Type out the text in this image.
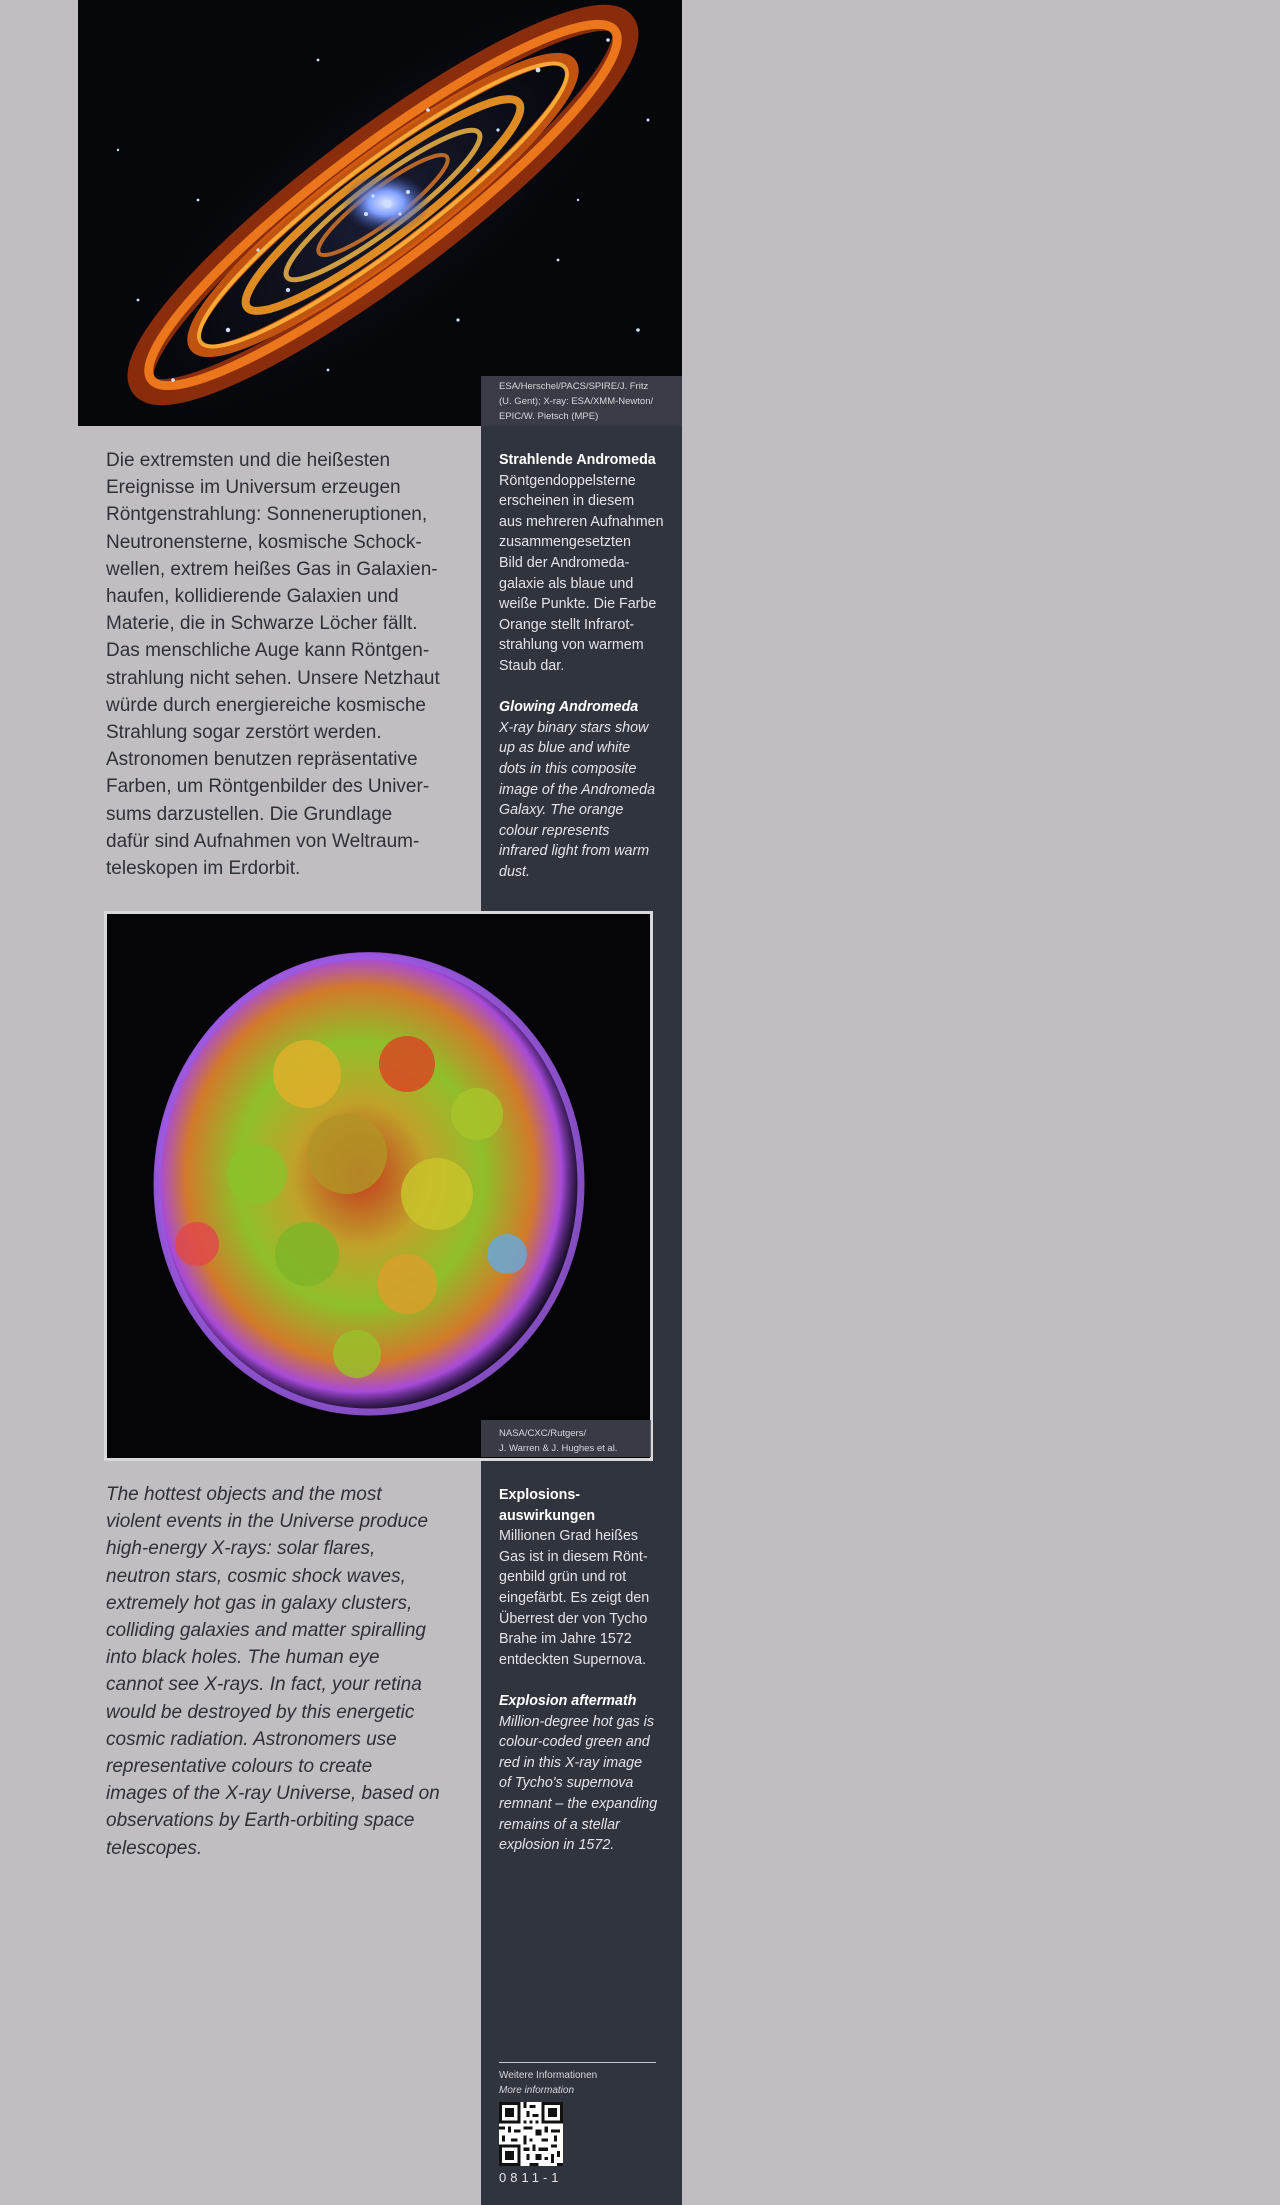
ESA/Herschel/PACS/SPIRE/J. Fritz
(U. Gent); X-ray: ESA/XMM-Newton/
EPIC/W. Pietsch (MPE)
Die extremsten und die heißesten
Ereignisse im Universum erzeugen
Röntgenstrahlung: Sonneneruptionen,
Neutronensterne, kosmische Schock-
wellen, extrem heißes Gas in Galaxien-
haufen, kollidierende Galaxien und
Materie, die in Schwarze Löcher fällt.
Das menschliche Auge kann Röntgen-
strahlung nicht sehen. Unsere Netzhaut
würde durch energiereiche kosmische
Strahlung sogar zerstört werden.
Astronomen benutzen repräsentative
Farben, um Röntgenbilder des Univer-
sums darzustellen. Die Grundlage
dafür sind Aufnahmen von Weltraum-
teleskopen im Erdorbit.
Strahlende Andromeda
Röntgendoppelsterne
erscheinen in diesem
aus mehreren Aufnahmen
zusammengesetzten
Bild der Andromeda-
galaxie als blaue und
weiße Punkte. Die Farbe
Orange stellt Infrarot-
strahlung von warmem
Staub dar.
Glowing Andromeda
X-ray binary stars show
up as blue and white
dots in this composite
image of the Andromeda
Galaxy. The orange
colour represents
infrared light from warm
dust.
NASA/CXC/Rutgers/
J. Warren & J. Hughes et al.
The hottest objects and the most
violent events in the Universe produce
high-energy X-rays: solar flares,
neutron stars, cosmic shock waves,
extremely hot gas in galaxy clusters,
colliding galaxies and matter spiralling
into black holes. The human eye
cannot see X-rays. In fact, your retina
would be destroyed by this energetic
cosmic radiation. Astronomers use
representative colours to create
images of the X-ray Universe, based on
observations by Earth-orbiting space
telescopes.
Explosions-
auswirkungen
Millionen Grad heißes
Gas ist in diesem Rönt-
genbild grün und rot
eingefärbt. Es zeigt den
Überrest der von Tycho
Brahe im Jahre 1572
entdeckten Supernova.
Explosion aftermath
Million-degree hot gas is
colour-coded green and
red in this X-ray image
of Tycho's supernova
remnant – the expanding
remains of a stellar
explosion in 1572.
Weitere Informationen
More information
0811-1
